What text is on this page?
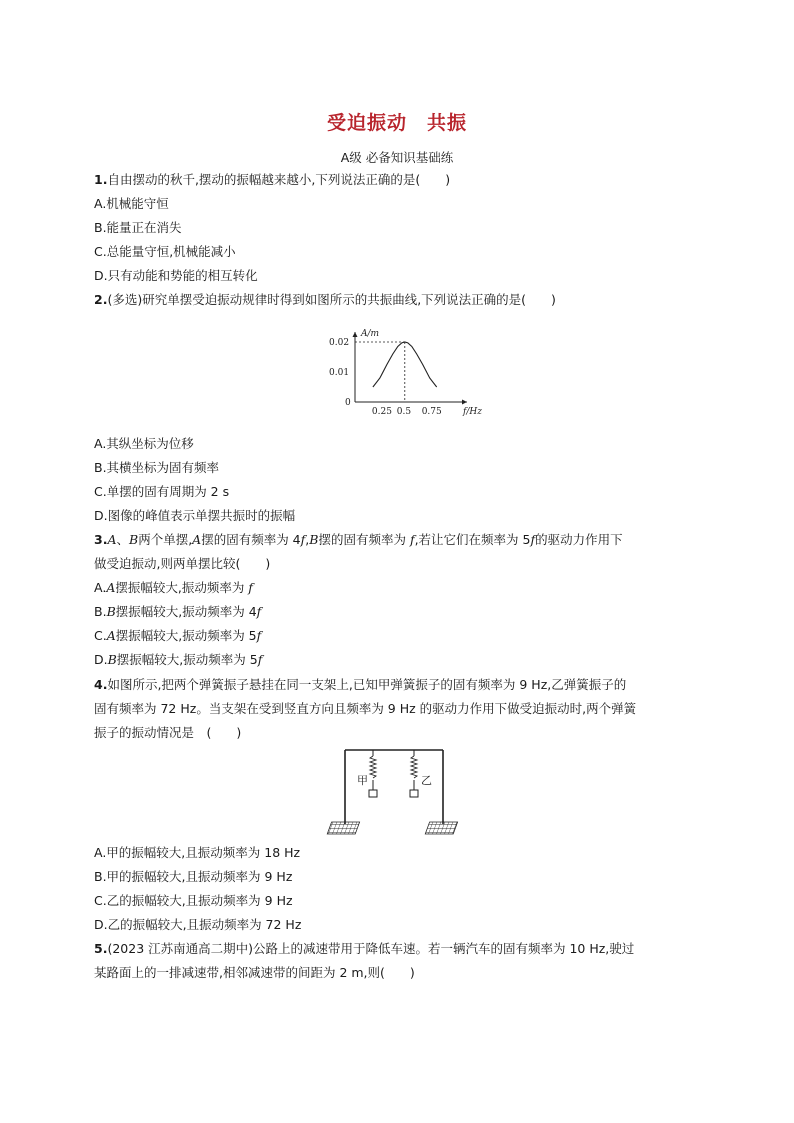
受迫振动　共振
A级 必备知识基础练
1.自由摆动的秋千,摆动的振幅越来越小,下列说法正确的是(　　)
A.机械能守恒
B.能量正在消失
C.总能量守恒,机械能减小
D.只有动能和势能的相互转化
2.(多选)研究单摆受迫振动规律时得到如图所示的共振曲线,下列说法正确的是(　　)
A/m
f/Hz
0
0.01
0.02
0.25 0.5 0.75
A.其纵坐标为位移
B.其横坐标为固有频率
C.单摆的固有周期为 2 s
D.图像的峰值表示单摆共振时的振幅
3.A、B两个单摆,A摆的固有频率为 4f,B摆的固有频率为 f,若让它们在频率为 5f的驱动力作用下
做受迫振动,则两单摆比较(　　)
A.A摆振幅较大,振动频率为 f
B.B摆振幅较大,振动频率为 4f
C.A摆振幅较大,振动频率为 5f
D.B摆振幅较大,振动频率为 5f
4.如图所示,把两个弹簧振子悬挂在同一支架上,已知甲弹簧振子的固有频率为 9 Hz,乙弹簧振子的
固有频率为 72 Hz。当支架在受到竖直方向且频率为 9 Hz 的驱动力作用下做受迫振动时,两个弹簧
振子的振动情况是　(　　)
甲	乙
A.甲的振幅较大,且振动频率为 18 Hz
B.甲的振幅较大,且振动频率为 9 Hz
C.乙的振幅较大,且振动频率为 9 Hz
D.乙的振幅较大,且振动频率为 72 Hz
5.(2023 江苏南通高二期中)公路上的减速带用于降低车速。若一辆汽车的固有频率为 10 Hz,驶过
某路面上的一排减速带,相邻减速带的间距为 2 m,则(　　)
